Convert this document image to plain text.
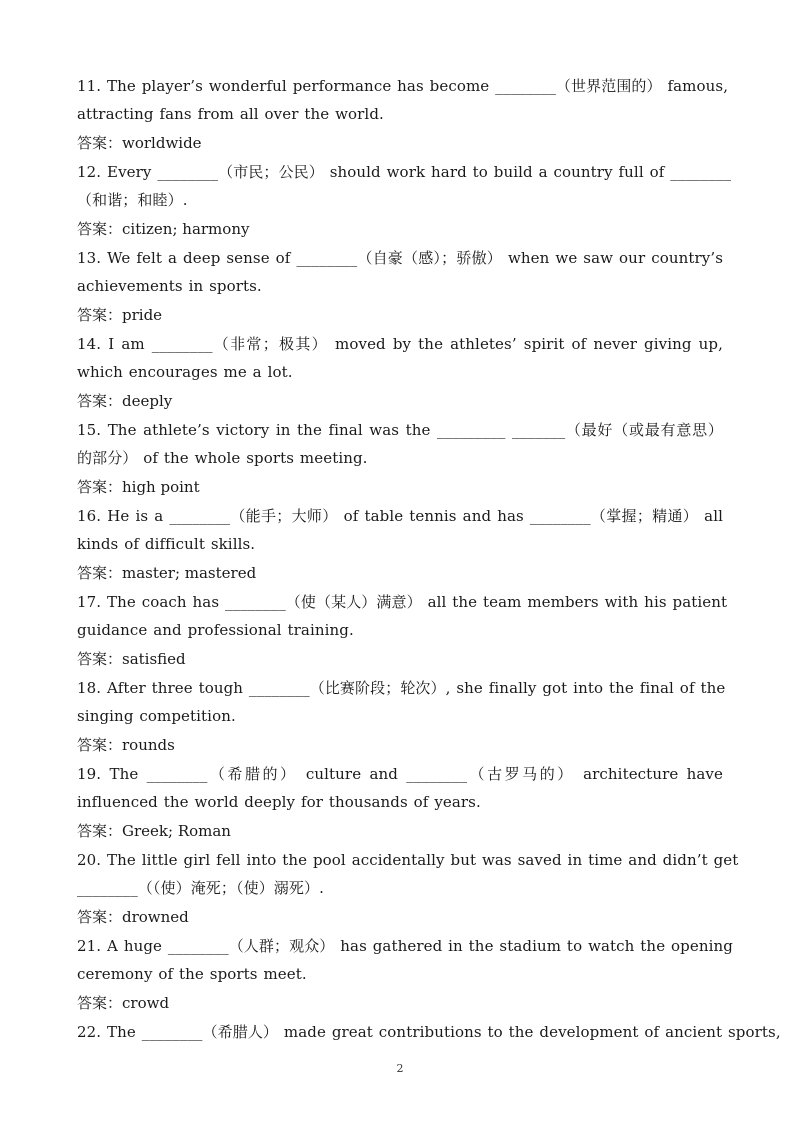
11. The player’s wonderful performance has become ________（世界范围的） famous,
attracting fans from all over the world.
答案：worldwide
12. Every ________（市民；公民） should work hard to build a country full of ________
（和谐；和睦）.
答案：citizen; harmony
13. We felt a deep sense of ________（自豪（感）；骄傲） when we saw our country’s
achievements in sports.
答案：pride
14. I am ________（非常；极其） moved by the athletes’ spirit of never giving up,
which encourages me a lot.
答案：deeply
15. The athlete’s victory in the final was the _________ _______（最好（或最有意思）
的部分） of the whole sports meeting.
答案：high point
16. He is a ________（能手；大师） of table tennis and has ________（掌握；精通） all
kinds of difficult skills.
答案：master; mastered
17. The coach has ________（使（某人）满意） all the team members with his patient
guidance and professional training.
答案：satisfied
18. After three tough ________（比赛阶段；轮次）, she finally got into the final of the
singing competition.
答案：rounds
19. The ________（希腊的） culture and ________（古罗马的） architecture have
influenced the world deeply for thousands of years.
答案：Greek; Roman
20. The little girl fell into the pool accidentally but was saved in time and didn’t get
________（（使）淹死；（使）溺死）.
答案：drowned
21. A huge ________（人群；观众） has gathered in the stadium to watch the opening
ceremony of the sports meet.
答案：crowd
22. The ________（希腊人） made great contributions to the development of ancient sports,
2
